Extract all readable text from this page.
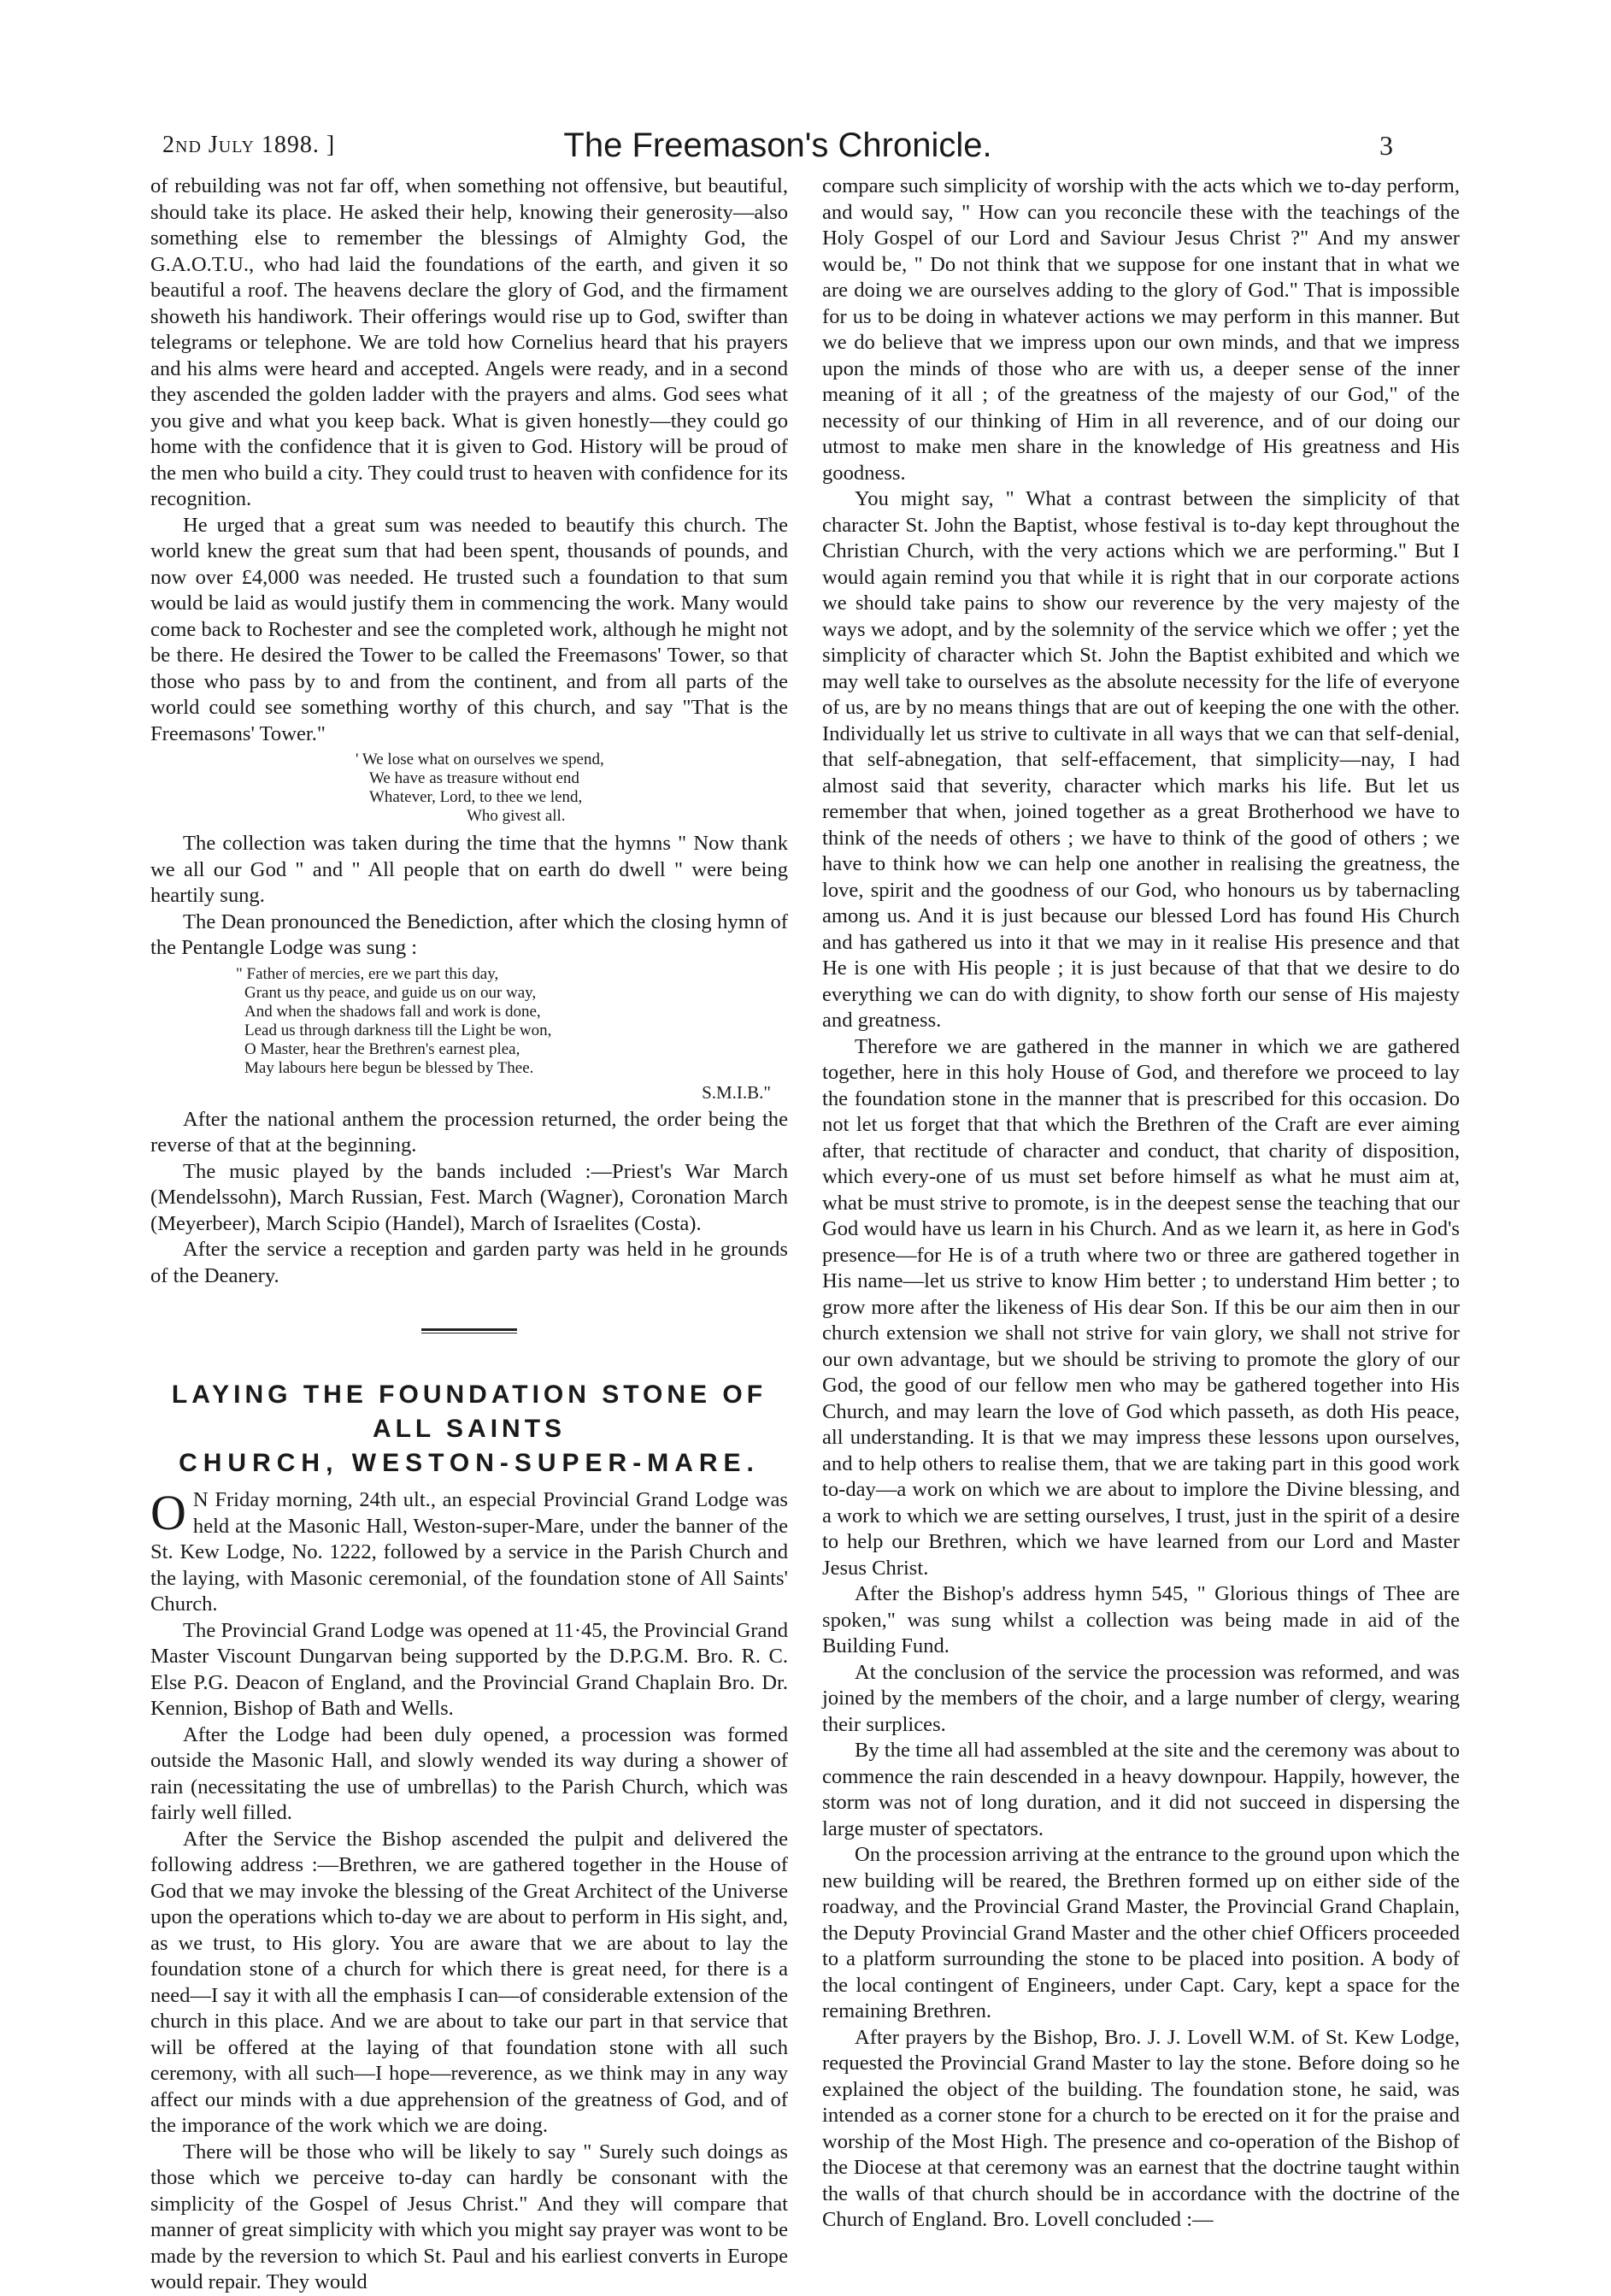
2nd July 1898. ]	The Freemason's Chronicle.	3

of rebuilding was not far off, when something not offensive, but beautiful, should take its place. He asked their help, knowing their generosity—also something else to remember the blessings of Almighty God, the G.A.O.T.U., who had laid the foundations of the earth, and given it so beautiful a roof. The heavens declare the glory of God, and the firmament showeth his handiwork. Their offerings would rise up to God, swifter than telegrams or telephone. We are told how Cornelius heard that his prayers and his alms were heard and accepted. Angels were ready, and in a second they ascended the golden ladder with the prayers and alms. God sees what you give and what you keep back. What is given honestly—they could go home with the confidence that it is given to God. History will be proud of the men who build a city. They could trust to heaven with confidence for its recognition.

He urged that a great sum was needed to beautify this church. The world knew the great sum that had been spent, thousands of pounds, and now over £4,000 was needed. He trusted such a foundation to that sum would be laid as would justify them in commencing the work. Many would come back to Rochester and see the completed work, although he might not be there. He desired the Tower to be called the Freemasons' Tower, so that those who pass by to and from the continent, and from all parts of the world could see something worthy of this church, and say "That is the Freemasons' Tower."

' We lose what on ourselves we spend,
We have as treasure without end
Whatever, Lord, to thee we lend,
Who givest all.

The collection was taken during the time that the hymns " Now thank we all our God " and " All people that on earth do dwell " were being heartily sung.

The Dean pronounced the Benediction, after which the closing hymn of the Pentangle Lodge was sung :

" Father of mercies, ere we part this day,
Grant us thy peace, and guide us on our way,
And when the shadows fall and work is done,
Lead us through darkness till the Light be won,
O Master, hear the Brethren's earnest plea,
May labours here begun be blessed by Thee.
S.M.I.B."

After the national anthem the procession returned, the order being the reverse of that at the beginning.

The music played by the bands included :—Priest's War March (Mendelssohn), March Russian, Fest. March (Wagner), Coronation March (Meyerbeer), March Scipio (Handel), March of Israelites (Costa).

After the service a reception and garden party was held in he grounds of the Deanery.

LAYING THE FOUNDATION STONE OF ALL SAINTS
CHURCH, WESTON-SUPER-MARE.

O N Friday morning, 24th ult., an especial Provincial Grand Lodge was held at the Masonic Hall, Weston-super-Mare, under the banner of the St. Kew Lodge, No. 1222, followed by a service in the Parish Church and the laying, with Masonic ceremonial, of the foundation stone of All Saints' Church.

The Provincial Grand Lodge was opened at 11·45, the Provincial Grand Master Viscount Dungarvan being supported by the D.P.G.M. Bro. R. C. Else P.G. Deacon of England, and the Provincial Grand Chaplain Bro. Dr. Kennion, Bishop of Bath and Wells.

After the Lodge had been duly opened, a procession was formed outside the Masonic Hall, and slowly wended its way during a shower of rain (necessitating the use of umbrellas) to the Parish Church, which was fairly well filled.

After the Service the Bishop ascended the pulpit and delivered the following address :—Brethren, we are gathered together in the House of God that we may invoke the blessing of the Great Architect of the Universe upon the operations which to-day we are about to perform in His sight, and, as we trust, to His glory. You are aware that we are about to lay the foundation stone of a church for which there is great need, for there is a need—I say it with all the emphasis I can—of considerable extension of the church in this place. And we are about to take our part in that service that will be offered at the laying of that foundation stone with all such ceremony, with all such—I hope—reverence, as we think may in any way affect our minds with a due apprehension of the greatness of God, and of the imporance of the work which we are doing.

There will be those who will be likely to say " Surely such doings as those which we perceive to-day can hardly be consonant with the simplicity of the Gospel of Jesus Christ." And they will compare that manner of great simplicity with which you might say prayer was wont to be made by the reversion to which St. Paul and his earliest converts in Europe would repair. They would

compare such simplicity of worship with the acts which we to-day perform, and would say, " How can you reconcile these with the teachings of the Holy Gospel of our Lord and Saviour Jesus Christ ?" And my answer would be, " Do not think that we suppose for one instant that in what we are doing we are ourselves adding to the glory of God." That is impossible for us to be doing in whatever actions we may perform in this manner. But we do believe that we impress upon our own minds, and that we impress upon the minds of those who are with us, a deeper sense of the inner meaning of it all ; of the greatness of the majesty of our God," of the necessity of our thinking of Him in all reverence, and of our doing our utmost to make men share in the knowledge of His greatness and His goodness.

You might say, " What a contrast between the simplicity of that character St. John the Baptist, whose festival is to-day kept throughout the Christian Church, with the very actions which we are performing." But I would again remind you that while it is right that in our corporate actions we should take pains to show our reverence by the very majesty of the ways we adopt, and by the solemnity of the service which we offer ; yet the simplicity of character which St. John the Baptist exhibited and which we may well take to ourselves as the absolute necessity for the life of everyone of us, are by no means things that are out of keeping the one with the other. Individually let us strive to cultivate in all ways that we can that self-denial, that self-abnegation, that self-effacement, that simplicity—nay, I had almost said that severity, character which marks his life. But let us remember that when, joined together as a great Brotherhood we have to think of the needs of others ; we have to think of the good of others ; we have to think how we can help one another in realising the greatness, the love, spirit and the goodness of our God, who honours us by tabernacling among us. And it is just because our blessed Lord has found His Church and has gathered us into it that we may in it realise His presence and that He is one with His people ; it is just because of that that we desire to do everything we can do with dignity, to show forth our sense of His majesty and greatness.

Therefore we are gathered in the manner in which we are gathered together, here in this holy House of God, and therefore we proceed to lay the foundation stone in the manner that is prescribed for this occasion. Do not let us forget that that which the Brethren of the Craft are ever aiming after, that rectitude of character and conduct, that charity of disposition, which every-one of us must set before himself as what he must aim at, what be must strive to promote, is in the deepest sense the teaching that our God would have us learn in his Church. And as we learn it, as here in God's presence—for He is of a truth where two or three are gathered together in His name—let us strive to know Him better ; to understand Him better ; to grow more after the likeness of His dear Son. If this be our aim then in our church extension we shall not strive for vain glory, we shall not strive for our own advantage, but we should be striving to promote the glory of our God, the good of our fellow men who may be gathered together into His Church, and may learn the love of God which passeth, as doth His peace, all understanding. It is that we may impress these lessons upon ourselves, and to help others to realise them, that we are taking part in this good work to-day—a work on which we are about to implore the Divine blessing, and a work to which we are setting ourselves, I trust, just in the spirit of a desire to help our Brethren, which we have learned from our Lord and Master Jesus Christ.

After the Bishop's address hymn 545, " Glorious things of Thee are spoken," was sung whilst a collection was being made in aid of the Building Fund.

At the conclusion of the service the procession was reformed, and was joined by the members of the choir, and a large number of clergy, wearing their surplices.

By the time all had assembled at the site and the ceremony was about to commence the rain descended in a heavy downpour. Happily, however, the storm was not of long duration, and it did not succeed in dispersing the large muster of spectators.

On the procession arriving at the entrance to the ground upon which the new building will be reared, the Brethren formed up on either side of the roadway, and the Provincial Grand Master, the Provincial Grand Chaplain, the Deputy Provincial Grand Master and the other chief Officers proceeded to a platform surrounding the stone to be placed into position. A body of the local contingent of Engineers, under Capt. Cary, kept a space for the remaining Brethren.

After prayers by the Bishop, Bro. J. J. Lovell W.M. of St. Kew Lodge, requested the Provincial Grand Master to lay the stone. Before doing so he explained the object of the building. The foundation stone, he said, was intended as a corner stone for a church to be erected on it for the praise and worship of the Most High. The presence and co-operation of the Bishop of the Diocese at that ceremony was an earnest that the doctrine taught within the walls of that church should be in accordance with the doctrine of the Church of England. Bro. Lovell concluded :—
